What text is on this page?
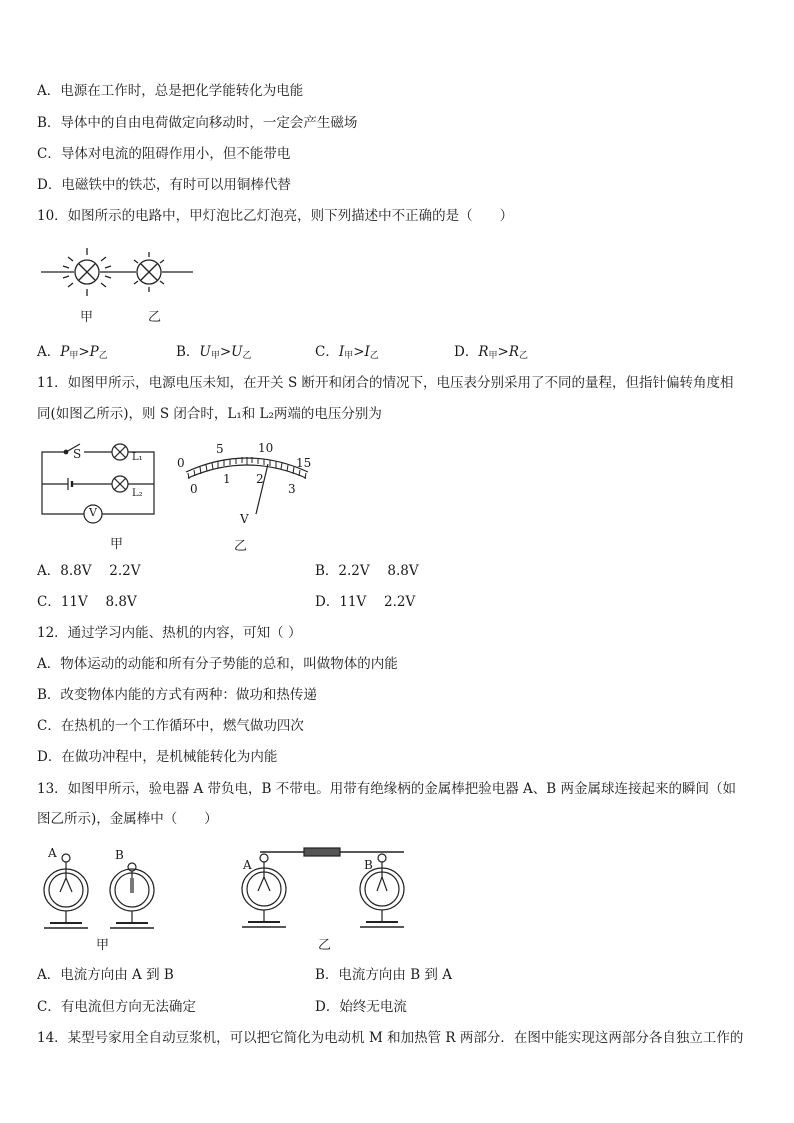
A．电源在工作时，总是把化学能转化为电能
B．导体中的自由电荷做定向移动时，一定会产生磁场
C．导体对电流的阻碍作用小，但不能带电
D．电磁铁中的铁芯，有时可以用铜棒代替
10．如图所示的电路中，甲灯泡比乙灯泡亮，则下列描述中不正确的是（　　）
甲	乙
A．$P_甲>P_乙$	B．$U_甲>U_乙$	C．$I_甲>I_乙$	D．$R_甲>R_乙$
11．如图甲所示，电源电压未知，在开关 S 断开和闭合的情况下，电压表分别采用了不同的量程，但指针偏转角度相
同(如图乙所示)，则 S 闭合时，L₁和 L₂两端的电压分别为
S	L₁
L₂
V
甲
0
5	10
15
0
1 2
3
V
乙
A．8.8V　 2.2V	B．2.2V　 8.8V
C．11V　 8.8V	D．11V　 2.2V
12．通过学习内能、热机的内容，可知（ ）
A．物体运动的动能和所有分子势能的总和，叫做物体的内能
B．改变物体内能的方式有两种：做功和热传递
C．在热机的一个工作循环中，燃气做功四次
D．在做功冲程中，是机械能转化为内能
13．如图甲所示，验电器 A 带负电，B 不带电。用带有绝缘柄的金属棒把验电器 A、B 两金属球连接起来的瞬间（如
图乙所示)，金属棒中（　　）
A	B
甲
A	B
乙
A．电流方向由 A 到 B	B．电流方向由 B 到 A
C．有电流但方向无法确定	D．始终无电流
14．某型号家用全自动豆浆机，可以把它简化为电动机 M 和加热管 R 两部分．在图中能实现这两部分各自独立工作的
